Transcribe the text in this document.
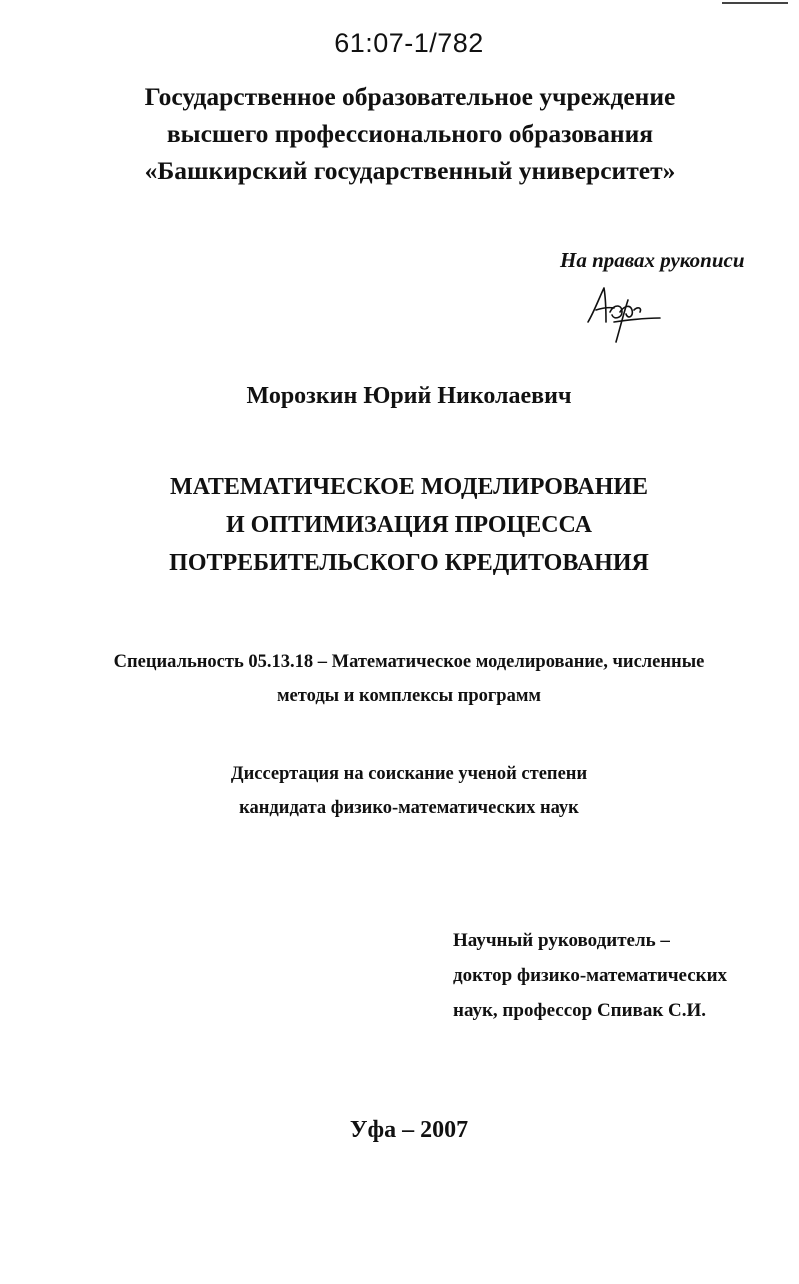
61:07-1/782
Государственное образовательное учреждение
высшего профессионального образования
«Башкирский государственный университет»
На правах рукописи
Морозкин Юрий Николаевич
МАТЕМАТИЧЕСКОЕ МОДЕЛИРОВАНИЕ
И ОПТИМИЗАЦИЯ ПРОЦЕССА
ПОТРЕБИТЕЛЬСКОГО КРЕДИТОВАНИЯ
Специальность 05.13.18 – Математическое моделирование, численные
методы и комплексы программ
Диссертация на соискание ученой степени
кандидата физико-математических наук
Научный руководитель –
доктор физико-математических
наук, профессор Спивак С.И.
Уфа – 2007
